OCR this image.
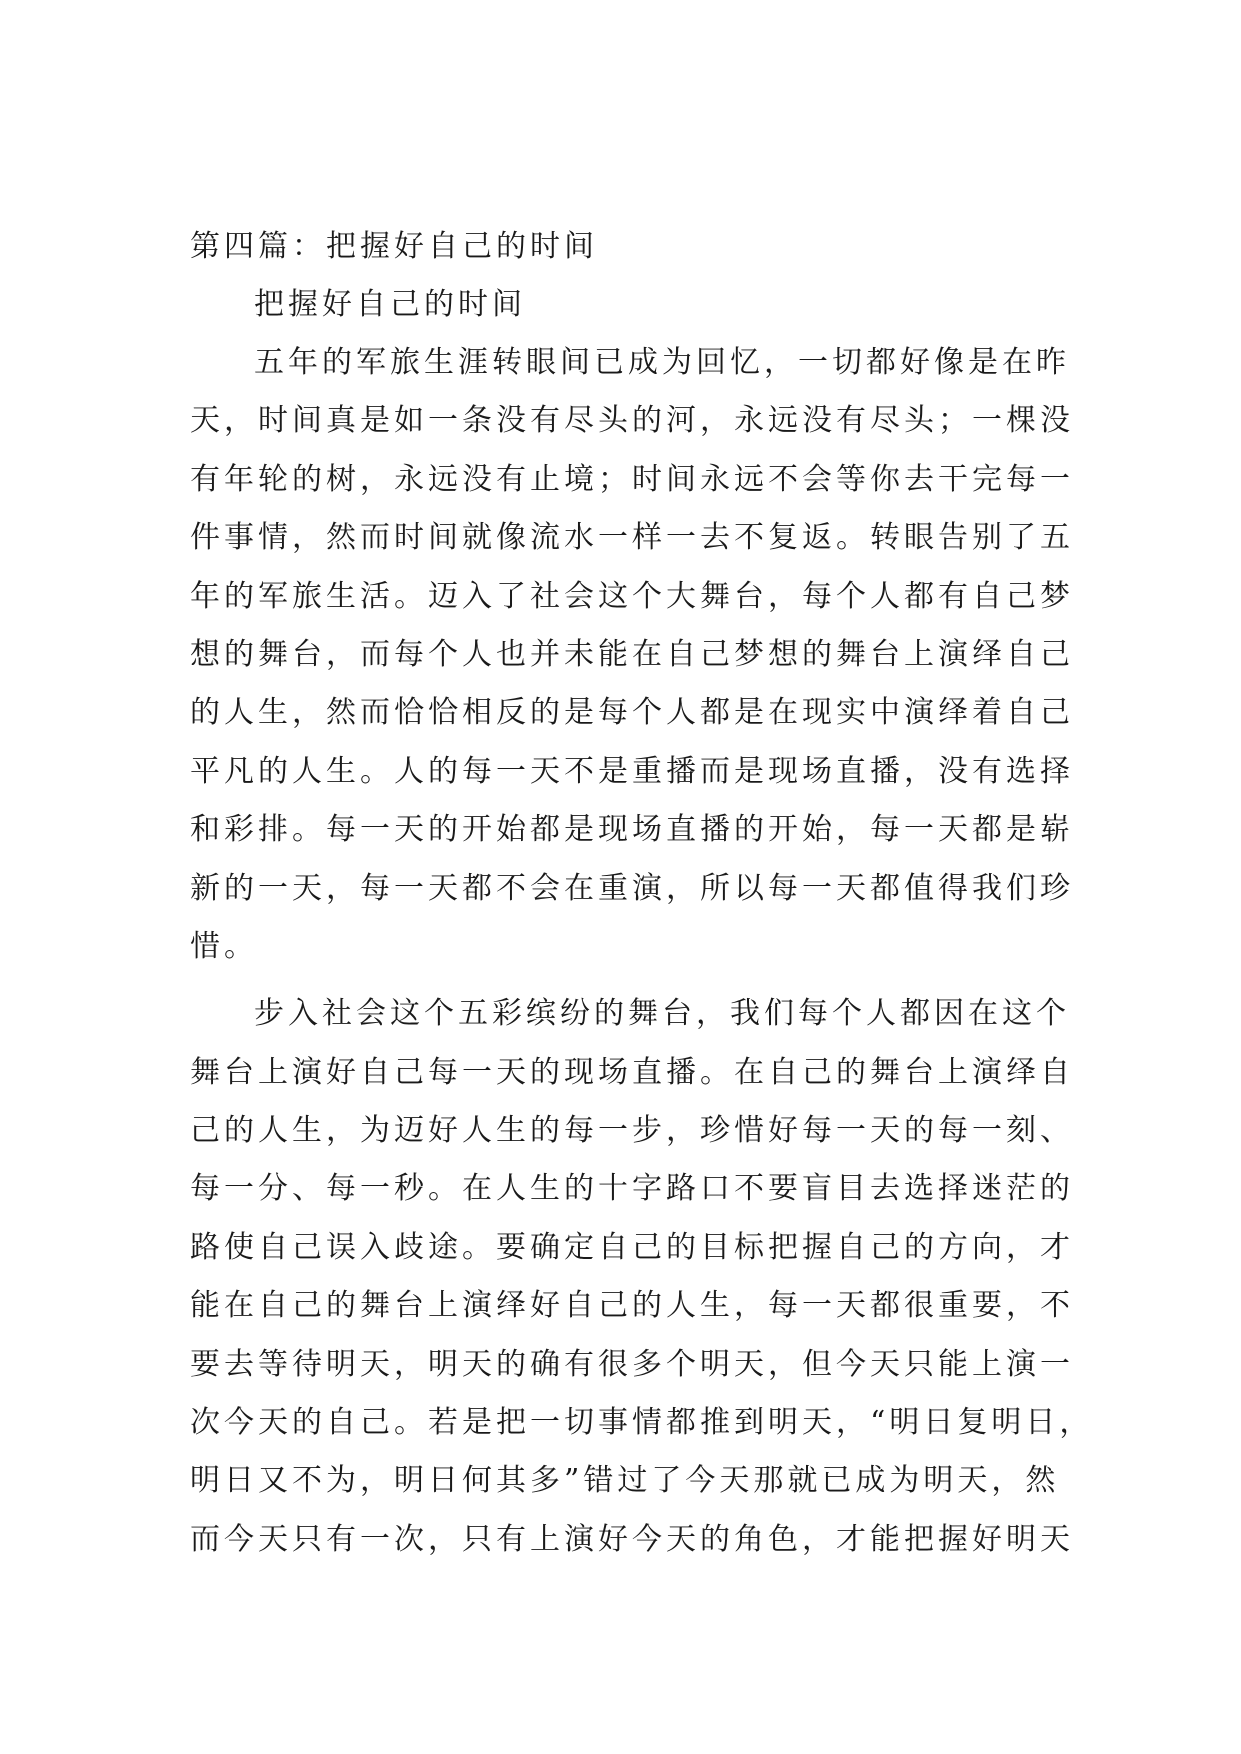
第四篇：把握好自己的时间
把握好自己的时间
五年的军旅生涯转眼间已成为回忆，一切都好像是在昨
天，时间真是如一条没有尽头的河，永远没有尽头；一棵没
有年轮的树，永远没有止境；时间永远不会等你去干完每一
件事情，然而时间就像流水一样一去不复返。转眼告别了五
年的军旅生活。迈入了社会这个大舞台，每个人都有自己梦
想的舞台，而每个人也并未能在自己梦想的舞台上演绎自己
的人生，然而恰恰相反的是每个人都是在现实中演绎着自己
平凡的人生。人的每一天不是重播而是现场直播，没有选择
和彩排。每一天的开始都是现场直播的开始，每一天都是崭
新的一天，每一天都不会在重演，所以每一天都值得我们珍
惜。
步入社会这个五彩缤纷的舞台，我们每个人都因在这个
舞台上演好自己每一天的现场直播。在自己的舞台上演绎自
己的人生，为迈好人生的每一步，珍惜好每一天的每一刻、
每一分、每一秒。在人生的十字路口不要盲目去选择迷茫的
路使自己误入歧途。要确定自己的目标把握自己的方向，才
能在自己的舞台上演绎好自己的人生，每一天都很重要，不
要去等待明天，明天的确有很多个明天，但今天只能上演一
次今天的自己。若是把一切事情都推到明天，“明日复明日，
明日又不为，明日何其多”错过了今天那就已成为明天，然
而今天只有一次，只有上演好今天的角色，才能把握好明天
